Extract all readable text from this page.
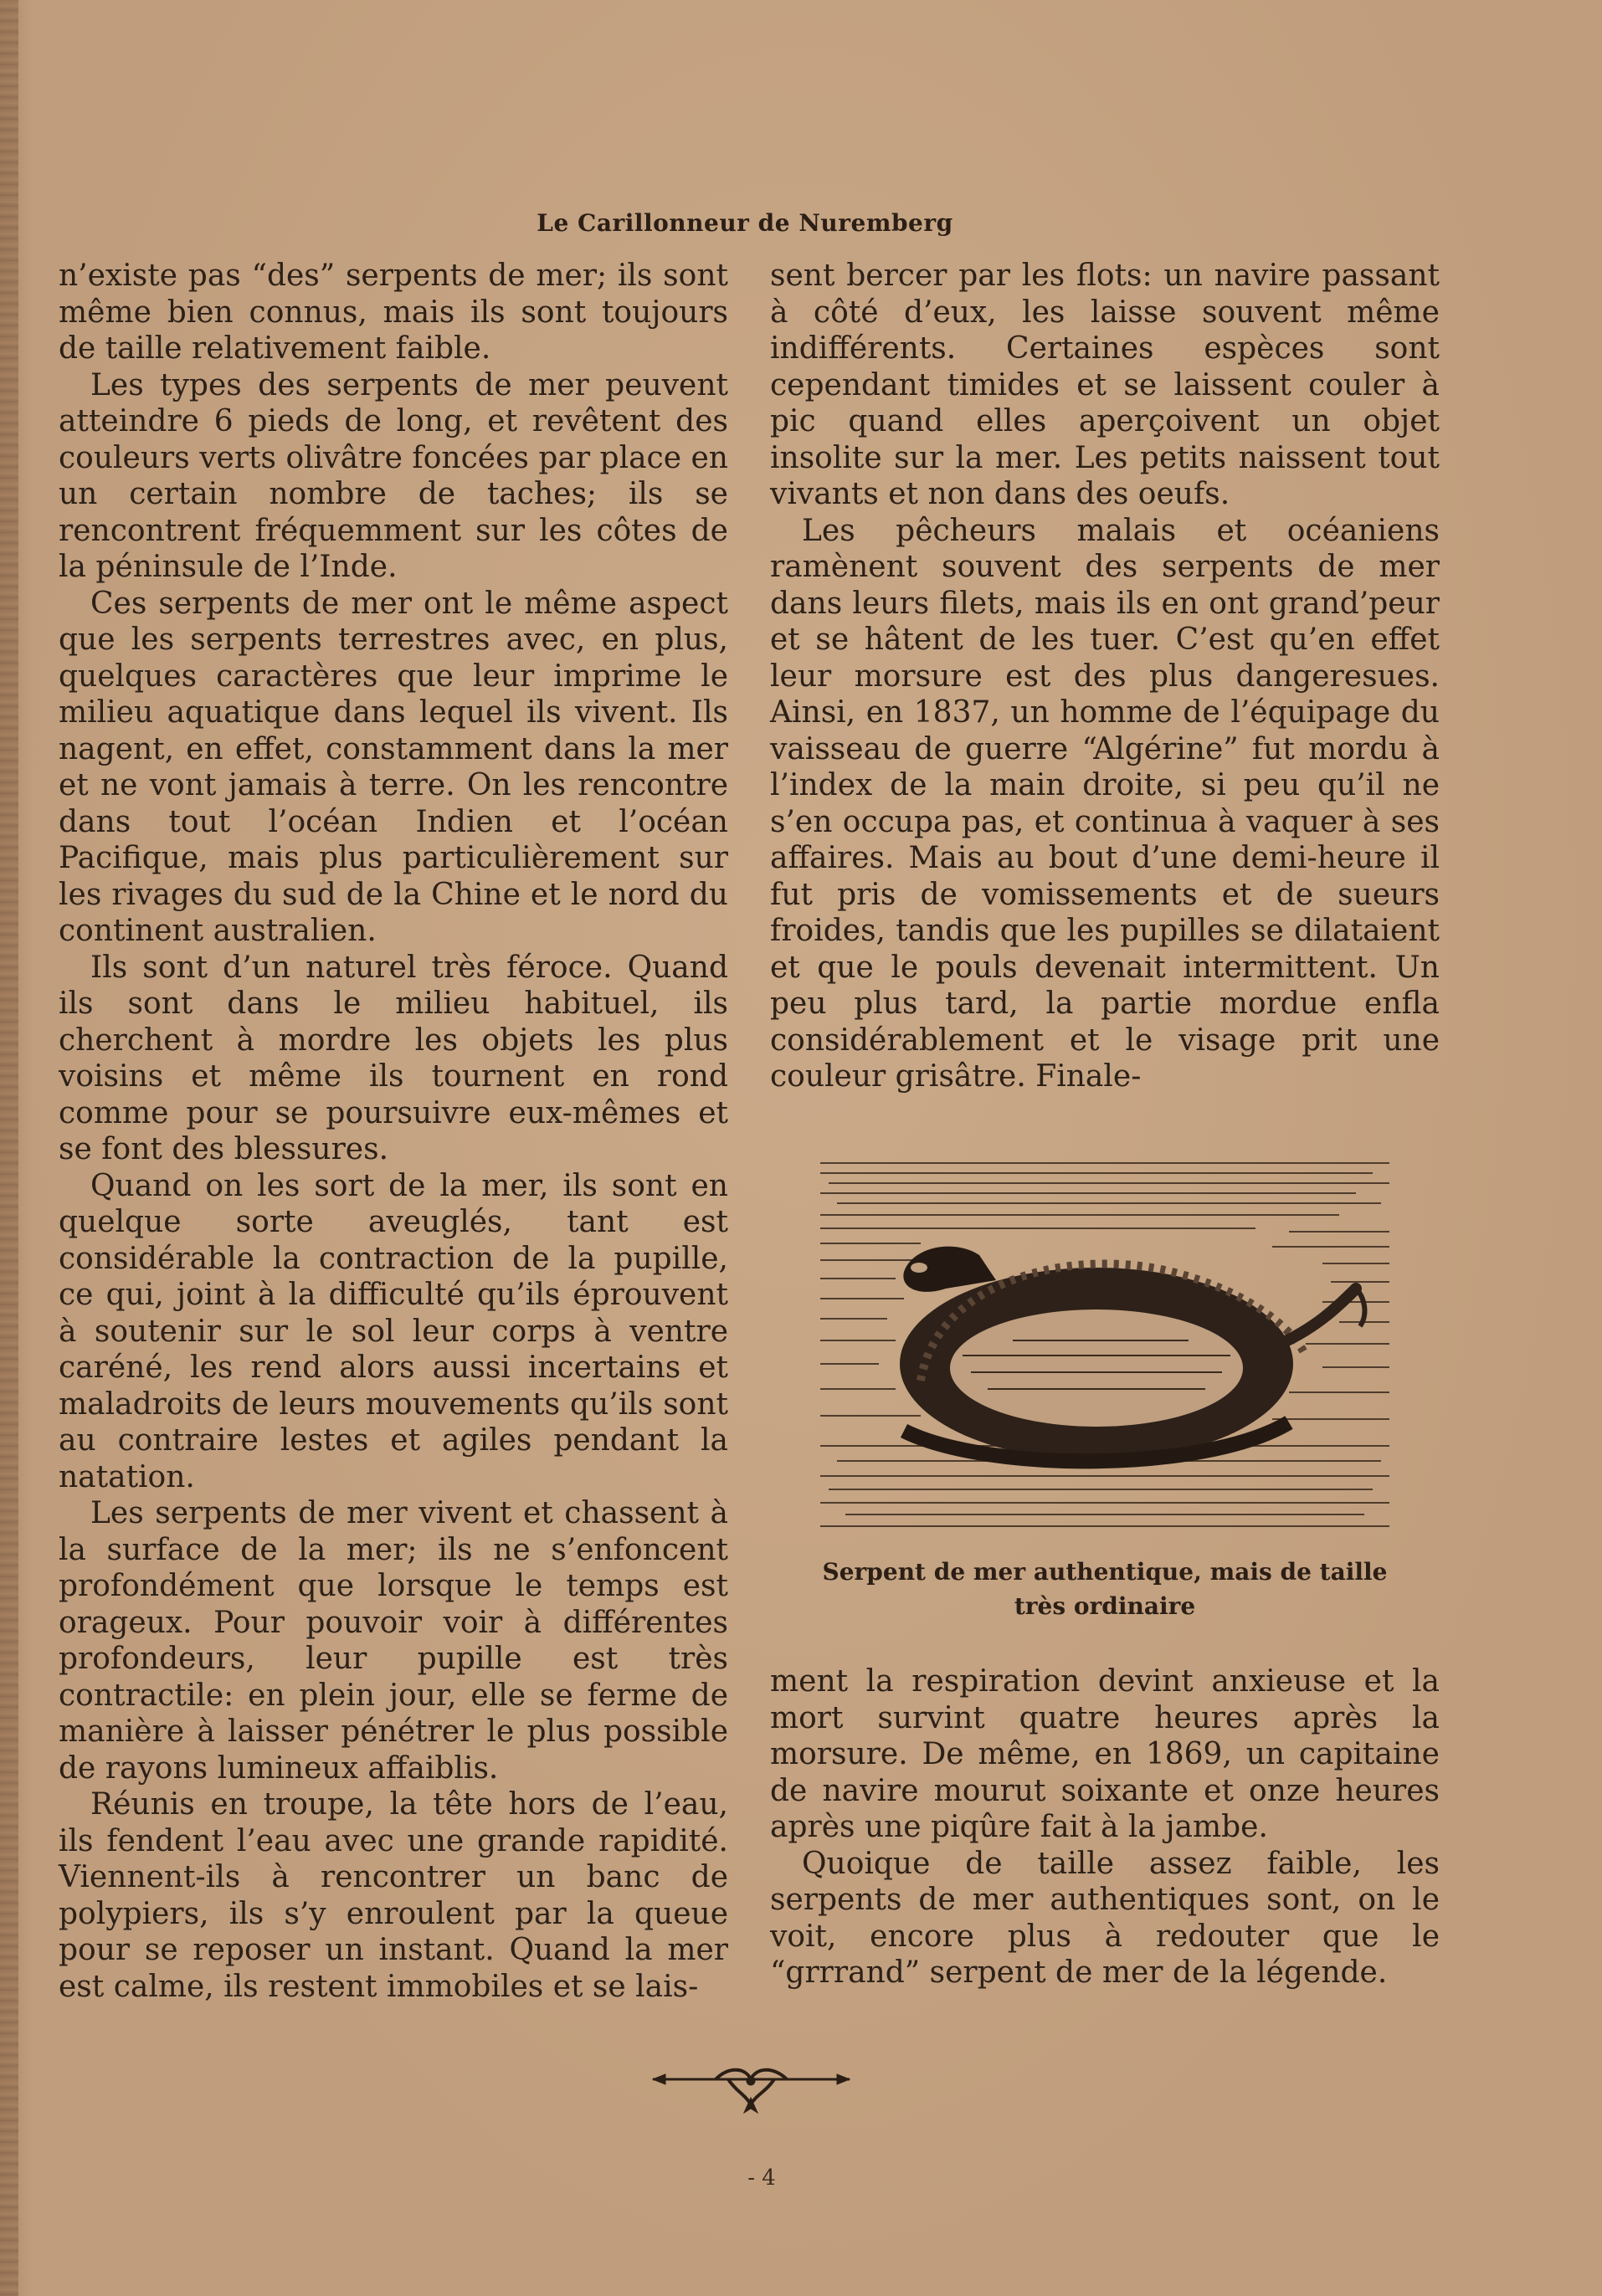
Le Carillonneur de Nuremberg

n’existe pas “des” serpents de mer; ils sont même bien connus, mais ils sont toujours de taille relativement faible.

Les types des serpents de mer peuvent atteindre 6 pieds de long, et revêtent des couleurs verts olivâtre foncées par place en un certain nombre de taches; ils se rencontrent fréquemment sur les côtes de la péninsule de l’Inde.

Ces serpents de mer ont le même aspect que les serpents terrestres avec, en plus, quelques caractères que leur imprime le milieu aquatique dans lequel ils vivent. Ils nagent, en effet, constamment dans la mer et ne vont jamais à terre. On les rencontre dans tout l’océan Indien et l’océan Pacifique, mais plus particulièrement sur les rivages du sud de la Chine et le nord du continent australien.

Ils sont d’un naturel très féroce. Quand ils sont dans le milieu habituel, ils cherchent à mordre les objets les plus voisins et même ils tournent en rond comme pour se poursuivre eux-mêmes et se font des blessures.

Quand on les sort de la mer, ils sont en quelque sorte aveuglés, tant est considérable la contraction de la pupille, ce qui, joint à la difficulté qu’ils éprouvent à soutenir sur le sol leur corps à ventre caréné, les rend alors aussi incertains et maladroits de leurs mouvements qu’ils sont au contraire lestes et agiles pendant la natation.

Les serpents de mer vivent et chassent à la surface de la mer; ils ne s’enfoncent profondément que lorsque le temps est orageux. Pour pouvoir voir à différentes profondeurs, leur pupille est très contractile: en plein jour, elle se ferme de manière à laisser pénétrer le plus possible de rayons lumineux affaiblis.

Réunis en troupe, la tête hors de l’eau, ils fendent l’eau avec une grande rapidité. Viennent-ils à rencontrer un banc de polypiers, ils s’y enroulent par la queue pour se reposer un instant. Quand la mer est calme, ils restent immobiles et se lais-

sent bercer par les flots: un navire passant à côté d’eux, les laisse souvent même indifférents. Certaines espèces sont cependant timides et se laissent couler à pic quand elles aperçoivent un objet insolite sur la mer. Les petits naissent tout vivants et non dans des oeufs.

Les pêcheurs malais et océaniens ramènent souvent des serpents de mer dans leurs filets, mais ils en ont grand’peur et se hâtent de les tuer. C’est qu’en effet leur morsure est des plus dangeresues. Ainsi, en 1837, un homme de l’équipage du vaisseau de guerre “Algérine” fut mordu à l’index de la main droite, si peu qu’il ne s’en occupa pas, et continua à vaquer à ses affaires. Mais au bout d’une demi-heure il fut pris de vomissements et de sueurs froides, tandis que les pupilles se dilataient et que le pouls devenait intermittent. Un peu plus tard, la partie mordue enfla considérablement et le visage prit une couleur grisâtre. Finale-

Serpent de mer authentique, mais de taille
très ordinaire

ment la respiration devint anxieuse et la mort survint quatre heures après la morsure. De même, en 1869, un capitaine de navire mourut soixante et onze heures après une piqûre fait à la jambe.

Quoique de taille assez faible, les serpents de mer authentiques sont, on le voit, encore plus à redouter que le “grrrand” serpent de mer de la légende.

- 4
